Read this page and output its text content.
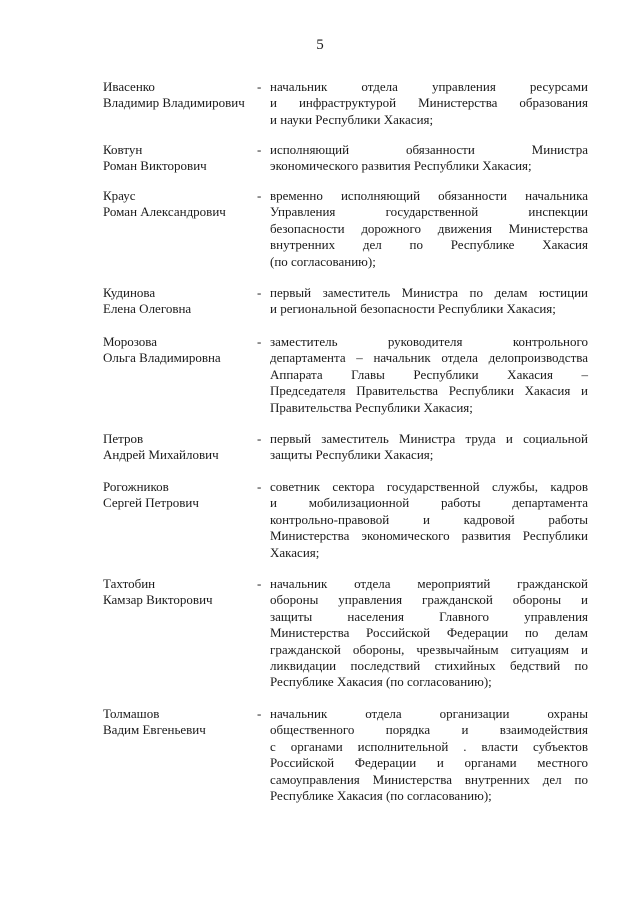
5
Ивасенко
Владимир Владимирович
- начальник отдела управления ресурсами
и инфраструктурой Министерства образования
и науки Республики Хакасия;
Ковтун
Роман Викторович
- исполняющий обязанности Министра
экономического развития Республики Хакасия;
Краус
Роман Александрович
- временно исполняющий обязанности начальника
Управления государственной инспекции
безопасности дорожного движения Министерства
внутренних дел по Республике Хакасия
(по согласованию);
Кудинова
Елена Олеговна
- первый заместитель Министра по делам юстиции
и региональной безопасности Республики Хакасия;
Морозова
Ольга Владимировна
- заместитель руководителя контрольного
департамента – начальник отдела делопроизводства
Аппарата Главы Республики Хакасия –
Председателя Правительства Республики Хакасия и
Правительства Республики Хакасия;
Петров
Андрей Михайлович
- первый заместитель Министра труда и социальной
защиты Республики Хакасия;
Рогожников
Сергей Петрович
- советник сектора государственной службы, кадров
и мобилизационной работы департамента
контрольно-правовой и кадровой работы
Министерства экономического развития Республики
Хакасия;
Тахтобин
Камзар Викторович
- начальник отдела мероприятий гражданской
обороны управления гражданской обороны и
защиты населения Главного управления
Министерства Российской Федерации по делам
гражданской обороны, чрезвычайным ситуациям и
ликвидации последствий стихийных бедствий по
Республике Хакасия (по согласованию);
Толмашов
Вадим Евгеньевич
- начальник отдела организации охраны
общественного порядка и взаимодействия
с органами исполнительной . власти субъектов
Российской Федерации и органами местного
самоуправления Министерства внутренних дел по
Республике Хакасия (по согласованию);
